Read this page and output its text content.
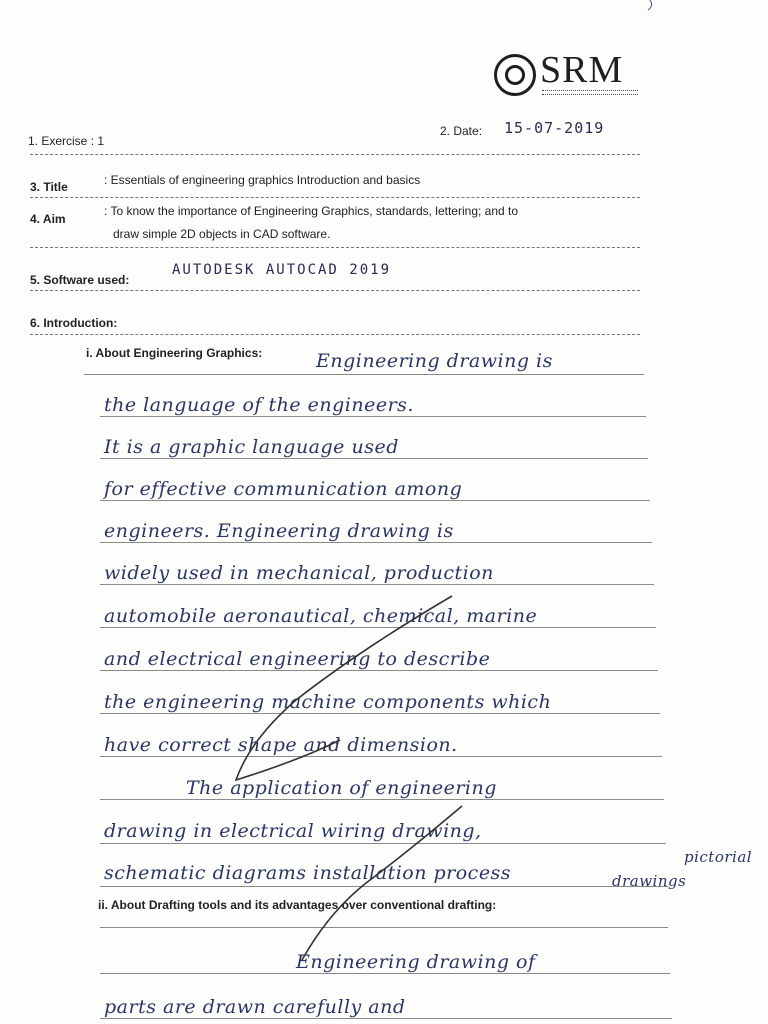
SRM
1. Exercise : 1
2. Date: 15-07-2019
3. Title	: Essentials of engineering graphics Introduction and basics
4. Aim
: To know the importance of Engineering Graphics, standards, lettering; and to
draw simple 2D objects in CAD software.
5. Software used:
AUTODESK AUTOCAD 2019
6. Introduction:
i. About Engineering Graphics:	Engineering drawing is
the language of the engineers.
It is a graphic language used
for effective communication among
engineers. Engineering drawing is
widely used in mechanical, production
automobile aeronautical, chemical, marine
and electrical engineering to describe
the engineering machine components which
have correct shape and dimension.
The application of engineering
drawing in electrical wiring drawing,
schematic diagrams installation process
pictorial
drawings
ii. About Drafting tools and its advantages over conventional drafting:
Engineering drawing of
parts are drawn carefully and
